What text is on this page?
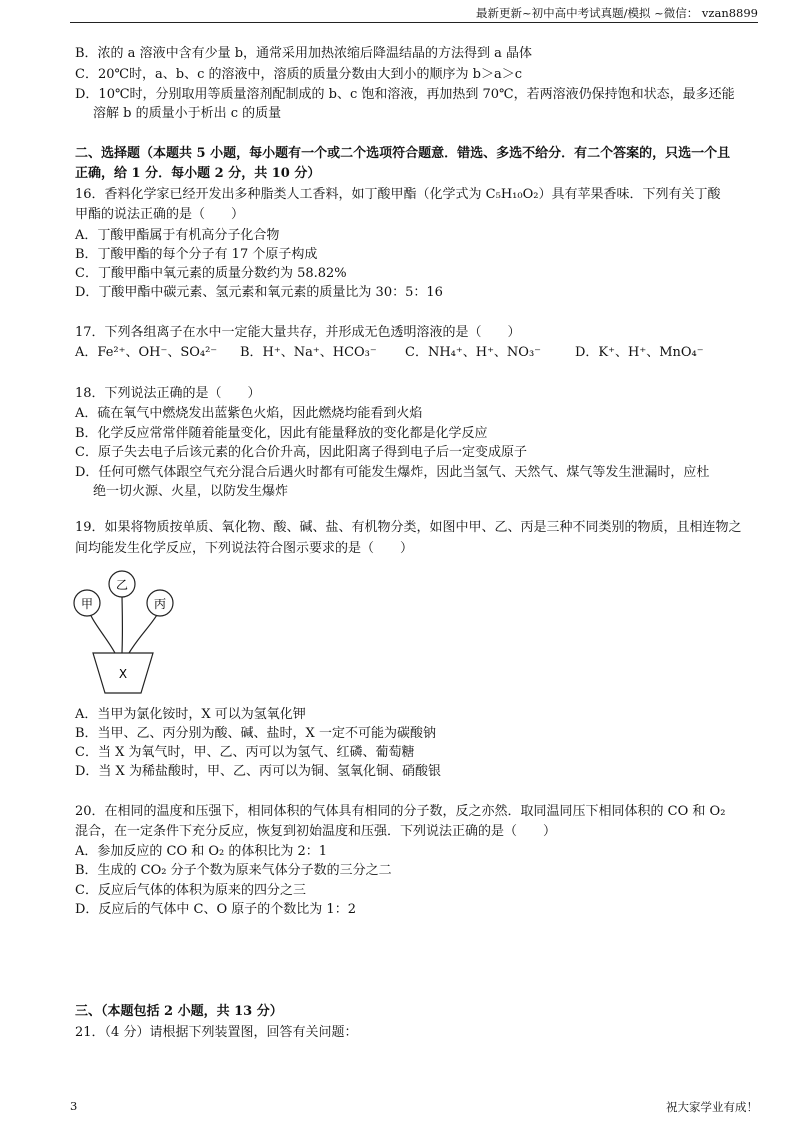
最新更新~初中高中考试真题/模拟 ~微信： vzan8899
B．浓的 a 溶液中含有少量 b，通常采用加热浓缩后降温结晶的方法得到 a 晶体
C．20℃时，a、b、c 的溶液中，溶质的质量分数由大到小的顺序为 b＞a＞c
D．10℃时，分别取用等质量溶剂配制成的 b、c 饱和溶液，再加热到 70℃，若两溶液仍保持饱和状态，最多还能
溶解 b 的质量小于析出 c 的质量
二、选择题（本题共 5 小题，每小题有一个或二个选项符合题意．错选、多选不给分．有二个答案的，只选一个且
正确，给 1 分．每小题 2 分，共 10 分）
16．香料化学家已经开发出多种脂类人工香料，如丁酸甲酯（化学式为 C₅H₁₀O₂）具有苹果香味．下列有关丁酸
甲酯的说法正确的是（　　）
A．丁酸甲酯属于有机高分子化合物
B．丁酸甲酯的每个分子有 17 个原子构成
C．丁酸甲酯中氧元素的质量分数约为 58.82%
D．丁酸甲酯中碳元素、氢元素和氧元素的质量比为 30：5：16
17．下列各组离子在水中一定能大量共存，并形成无色透明溶液的是（　　）
A．Fe²⁺、OH⁻、SO₄²⁻ B．H⁺、Na⁺、HCO₃⁻ C．NH₄⁺、H⁺、NO₃⁻	D．K⁺、H⁺、MnO₄⁻
18．下列说法正确的是（　　）
A．硫在氧气中燃烧发出蓝紫色火焰，因此燃烧均能看到火焰
B．化学反应常常伴随着能量变化，因此有能量释放的变化都是化学反应
C．原子失去电子后该元素的化合价升高，因此阳离子得到电子后一定变成原子
D．任何可燃气体跟空气充分混合后遇火时都有可能发生爆炸，因此当氢气、天然气、煤气等发生泄漏时，应杜
绝一切火源、火星，以防发生爆炸
19．如果将物质按单质、氧化物、酸、碱、盐、有机物分类，如图中甲、乙、丙是三种不同类别的物质，且相连物之
间均能发生化学反应，下列说法符合图示要求的是（　　）
甲
乙
丙
X
A．当甲为氯化铵时，X 可以为氢氧化钾
B．当甲、乙、丙分别为酸、碱、盐时，X 一定不可能为碳酸钠
C．当 X 为氧气时，甲、乙、丙可以为氢气、红磷、葡萄糖
D．当 X 为稀盐酸时，甲、乙、丙可以为铜、氢氧化铜、硝酸银
20．在相同的温度和压强下，相同体积的气体具有相同的分子数，反之亦然．取同温同压下相同体积的 CO 和 O₂
混合，在一定条件下充分反应，恢复到初始温度和压强．下列说法正确的是（　　）
A．参加反应的 CO 和 O₂ 的体积比为 2：1
B．生成的 CO₂ 分子个数为原来气体分子数的三分之二
C．反应后气体的体积为原来的四分之三
D．反应后的气体中 C、O 原子的个数比为 1：2
三、（本题包括 2 小题，共 13 分）
21．（4 分）请根据下列装置图，回答有关问题：
3	祝大家学业有成！
